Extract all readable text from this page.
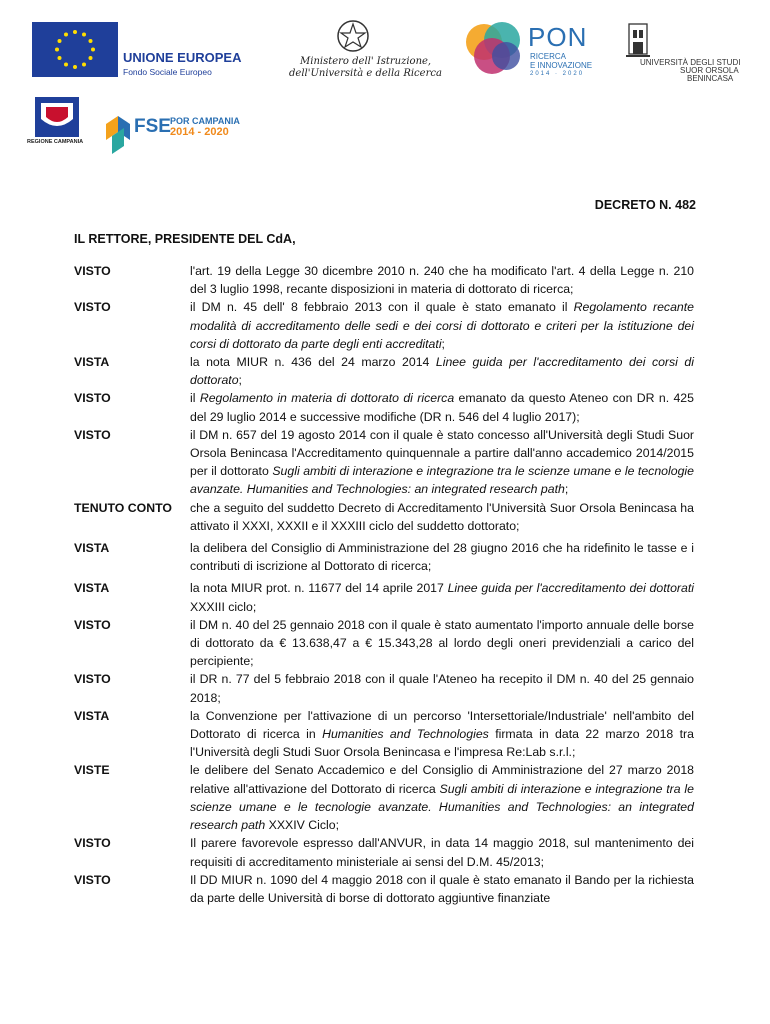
UNIONE EUROPEA
Fondo Sociale Europeo
Ministero dell' Istruzione,
dell'Università e della Ricerca
PON
RICERCA
E INNOVAZIONE
2014 · 2020
UNIVERSITÀ DEGLI STUDI
SUOR ORSOLA
BENINCASA
REGIONE CAMPANIA
FSE POR CAMPANIA
2014 - 2020
DECRETO N. 482
IL RETTORE, PRESIDENTE DEL CdA,
VISTO	l'art. 19 della Legge 30 dicembre 2010 n. 240 che ha modificato l'art. 4 della Legge n. 210 del 3 luglio 1998, recante disposizioni in materia di dottorato di ricerca;
VISTO	il DM n. 45 dell' 8 febbraio 2013 con il quale è stato emanato il Regolamento recante modalità di accreditamento delle sedi e dei corsi di dottorato e criteri per la istituzione dei corsi di dottorato da parte degli enti accreditati;
VISTA	la nota MIUR n. 436 del 24 marzo 2014 Linee guida per l'accreditamento dei corsi di dottorato;
VISTO	il Regolamento in materia di dottorato di ricerca emanato da questo Ateneo con DR n. 425 del 29 luglio 2014 e successive modifiche (DR n. 546 del 4 luglio 2017);
VISTO	il DM n. 657 del 19 agosto 2014 con il quale è stato concesso all'Università degli Studi Suor Orsola Benincasa l'Accreditamento quinquennale a partire dall'anno accademico 2014/2015 per il dottorato Sugli ambiti di interazione e integrazione tra le scienze umane e le tecnologie avanzate. Humanities and Technologies: an integrated research path;
TENUTO CONTO	che a seguito del suddetto Decreto di Accreditamento l'Università Suor Orsola Benincasa ha attivato il XXXI, XXXII e il XXXIII ciclo del suddetto dottorato;
VISTA	la delibera del Consiglio di Amministrazione del 28 giugno 2016 che ha ridefinito le tasse e i contributi di iscrizione al Dottorato di ricerca;
VISTA	la nota MIUR prot. n. 11677 del 14 aprile 2017 Linee guida per l'accreditamento dei dottorati XXXIII ciclo;
VISTO	il DM n. 40 del 25 gennaio 2018 con il quale è stato aumentato l'importo annuale delle borse di dottorato da € 13.638,47 a € 15.343,28 al lordo degli oneri previdenziali a carico del percipiente;
VISTO	il DR n. 77 del 5 febbraio 2018 con il quale l'Ateneo ha recepito il DM n. 40 del 25 gennaio 2018;
VISTA	la Convenzione per l'attivazione di un percorso 'Intersettoriale/Industriale' nell'ambito del Dottorato di ricerca in Humanities and Technologies firmata in data 22 marzo 2018 tra l'Università degli Studi Suor Orsola Benincasa e l'impresa Re:Lab s.r.l.;
VISTE	le delibere del Senato Accademico e del Consiglio di Amministrazione del 27 marzo 2018 relative all'attivazione del Dottorato di ricerca Sugli ambiti di interazione e integrazione tra le scienze umane e le tecnologie avanzate. Humanities and Technologies: an integrated research path XXXIV Ciclo;
VISTO	Il parere favorevole espresso dall'ANVUR, in data 14 maggio 2018, sul mantenimento dei requisiti di accreditamento ministeriale ai sensi del D.M. 45/2013;
VISTO	Il DD MIUR n. 1090 del 4 maggio 2018 con il quale è stato emanato il Bando per la richiesta da parte delle Università di borse di dottorato aggiuntive finanziate
